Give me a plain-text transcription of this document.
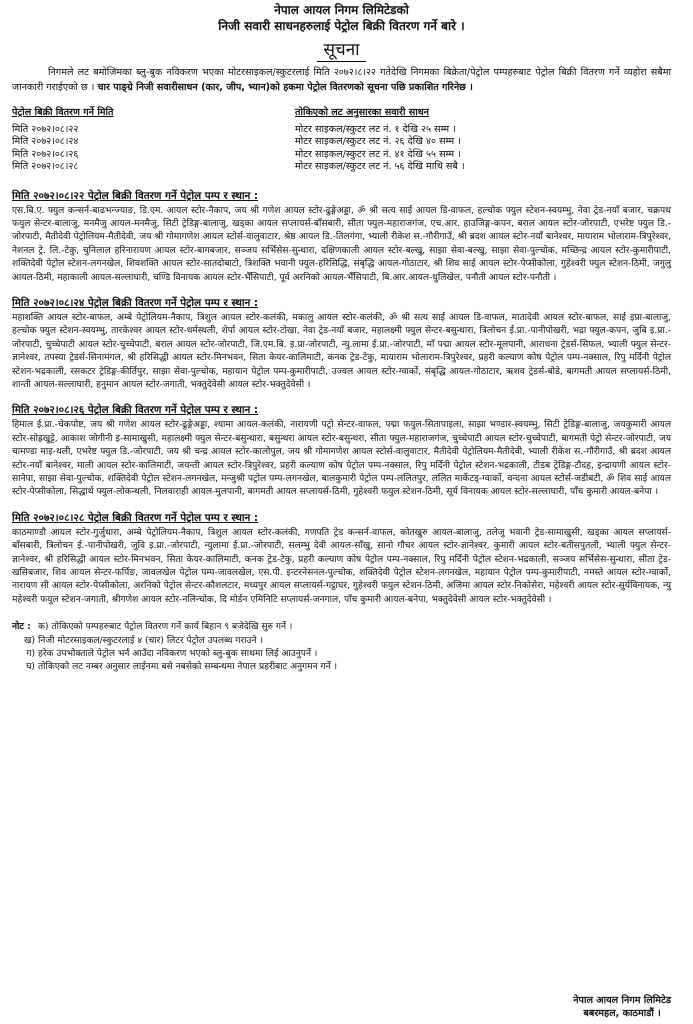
नेपाल आयल निगम लिमिटेडको
निजी सवारी साधनहरुलाई पेट्रोल बिक्री वितरण गर्ने बारे ।
सूचना

निगमले लट बमोजिमका ब्लु-बुक नविकरण भएका मोटरसाइकल/स्कुटरलाई मिति २०७२।८।२२ गतेदेखि निगमका बिक्रेता/पेट्रोल पम्पहरुबाट पेट्रोल बिक्री वितरण गर्ने व्यहोरा सबैमा जानकारी गराईएको छ । चार पाङ्ग्रे निजी सवारीसाधन (कार, जीप, भ्यान)को हकमा पेट्रोल वितरणको सूचना पछि प्रकाशित गरिनेछ ।

पेट्रोल बिक्री वितरण गर्ने मिति	तोकिएको लट अनुसारका सवारी साधन
मिति २०७२।०८।२२	मोटर साइकल/स्कुटर लट नं. १ देखि २५ सम्म ।
मिति २०७२।०८।२४	मोटर साइकल/स्कुटर लट नं. २६ देखि ४० सम्म ।
मिति २०७२।०८।२६	मोटर साइकल/स्कुटर लट नं. ४१ देखि ५५ सम्म ।
मिति २०७२।०८।२८	मोटर साइकल/स्कुटर लट नं. ५६ देखि माथि सबै ।
मिति २०७२।०८।२२ पेट्रोल बिक्री वितरण गर्ने पेट्रोल पम्प र स्थान :

एस.बि.ए. फ्युल कन्सर्न-बाढभन्ज्याङ, डि.एम. आयल स्टोर-नैकाप, जय श्री गणेश आयल स्टोर-ढुङ्गेअड्डा, ॐ श्री सत्य साई आयल डि-वाफल, हल्चोक फ्युल स्टेशन-स्वयम्भु, नेवा ट्रेड-नयाँ बजार, चक्रपथ फयुल सेन्टर-बालाजु, मनमैजु आयल-मनमैजु, सिटी ट्रेडिङ्ग-बालाजु, खड्का आयल सप्लायर्स-बाँसबारी, सीता फ्युल-महाराजगंज, एच.आर. हाउजिङ्ग-कपन, बराल आयल स्टोर-जोरपाटी, एभरेष्ट फ्युल डि.-जोरपाटी, मैतीदेवी पेट्रोलियम-मैतीदेवी, जय श्री गोमागणेश आयल स्टोर्स-वालुवाटार, श्रेष्ठ आयल डि.-तिलगंगा, भ्याली रीकेश स.-गौरीगाउँ, श्री ब्रदश आयल स्टोर-नयाँ बानेश्वर, मायाराम भोलाराम-त्रिपुरेश्वर, नेशनल ट्रे. लि.-टेकु, चुनिलाल हरिनारायण आयल स्टोर-बागबजार, सञ्जय सर्भिसेस-सुन्धारा, दक्षिणकाली आयल स्टोर-बल्खु, साझा सेवा-बल्खु, साझा सेवा-पुल्चोक, मच्छिन्द्र आयल स्टोर-कुमारीपाटी, शक्तिदेवी पेट्रोल स्टेशन-लगनखेल, शिवशक्ति आयल स्टोर-सातदोबाटो, त्रिशक्ति भवानी फ्युल-हरिसिद्धि, संबृद्धि आयल-गोठाटार, श्री शिव साई आयल स्टोर-पेप्सीकोला, गुहेश्वरी फ्युल स्टेशन-ठिमी, जगुलु आयल-ठिमी, महाकाली आयल-सल्लाघारी, चण्डि विनायक आयल स्टोर-भैँसिपाटी, पूर्व अरनिको आयल-भैँसिपाटी, बि.आर.आयल-धुलिखेल, पनौती आयल स्टोर-पनौती ।

मिति २०७२।०८।२४ पेट्रोल बिक्री वितरण गर्ने पेट्रोल पम्प र स्थान :

महाशक्ति आयल स्टोर-बाफल, अम्बे पेट्रोलियम-नैकाप, त्रिशुल आयल स्टोर-कलंकी, मकालु आयल स्टोर-कलंकी, ॐ श्री सत्य साई आयल डि-वाफल, मातादेवी आयल स्टोर-बाफल, साई इप्रा-बालाजु, हल्चोक फ्युल स्टेशन-स्वयम्भु, तारकेश्वर आयल स्टोर-धर्मस्थली, शेर्पा आयल स्टोर-टोखा, नेवा ट्रेड-नयाँ बजार, महालक्ष्मी फ्युल सेन्टर-बसुन्धारा, त्रिलोचन ई.प्रा.-पानीपोखरी, भद्रा फ्युल-कपन, जुबि इ.प्रा.-जोरपाटी, चुच्चेपाटी आयल स्टोर-चुच्चेपाटी, बराल आयल स्टोर-जोरपाटी, जि.एम.बि. इ.प्रा-जोरपाटी, न्यु.लामा ई.प्रा.-जोरपाटी, माँ पद्मा आयल स्टोर-मूलपानी, आराधना ट्रेडर्स-सिफल, भ्याली फ्युल सेन्टर-ज्ञानेश्वर, तपस्या ट्रेडर्स-सिनामंगल, श्री हरिसिद्धी आयल स्टोर-मिनभवन, सिता केयर-कालिमाटी, कनक ट्रेड-टेकु, मायाराम भोलाराम-त्रिपुरेश्वर, प्रहरी कल्याण कोष पेट्रोल पम्प-नक्साल, रिपु मर्दिनी पेट्रोल स्टेशन-भद्रकाली, रसकटर ट्रेडिङ्ग-कीर्तिपुर, साझा सेवा-पुल्चोक, महायान पेट्रोल पम्प-कुमारीपाटी, उज्वल आयल स्टोर-ग्वार्को, संबृद्धि आयल-गोठाटार, ऋशव ट्रेडर्स-बोडे, बागमती आयल सप्लायर्स-ठिमी, शान्ती आयल-सल्लाघारी, हनुमान आयल स्टोर-जगाती, भक्तुदेवेसी आयल स्टोर-भक्तुदेवेसी ।

मिति २०७२।०८।२६ पेट्रोल बिक्री वितरण गर्ने पेट्रोल पम्प र स्थान :

हिमाल ई.प्रा.-चेकपोष्ट, जय श्री गणेश आयल स्टोर-ढुङ्गेअड्डा, श्यामा आयल-कलंकी, नारायणी पट्रो सेन्टर-वाफल, पद्मा फयुल-सितापाइला, साझा भण्डार-स्वयम्भु, सिटी ट्रेडिङ्ग-बालाजु, जयकुमारी आयल स्टोर-सोह्रखुट्टे, आकाश जोगीनी इ-सामाखुसी, महालक्ष्मी फ्युल सेन्टर-बसुन्धारा, बसुन्धरा आयल स्टोर-बसुन्धरा, सीता फ्युल-महाराजगंज, चुच्चेपाटी आयल स्टोर-चुच्चेपाटी, बागमती पेट्रो सेन्टर-जोरपाटी, जय चामण्डा माइ-थली, एभरेष्ट फ्युल डि.-जोरपाटी, जय श्री चन्द्र आयल स्टोर-कालोपुल, जय श्री गोमागणेश आयल स्टोर्स-वालुवाटार, मैतीदेवी पेट्रोलियम-मैतीदेवी, भ्याली रीकेश स.-गौरीगाउँ, श्री ब्रदश आयल स्टोर-नयाँ बानेश्वर, माली आयल स्टोर-कालिमाटी, जयन्ती आयल स्टोर-त्रिपुरेश्वर, प्रहरी कल्याण कोष पेट्रोल पम्प-नक्साल, रिपु मर्दिनी पेट्रोल स्टेशन-भद्रकाली, टीडब ट्रेडिङ्ग-टौदह, इन्द्रायणी आयल स्टोर-सानेपा, साझा सेवा-पुल्चोक, शक्तिदेवी पेट्रोल स्टेशन-लगनखेल, मन्जुश्री पट्रोल पम्प-लगनखेल, बालकुमारी पेट्रोल पम्प-ललितपुर, ललित मार्केटड्-ग्वार्को, वन्दना आयल स्टोर्स-जडीबटी, ॐ शिव साई आयल स्टोर-पेप्सीकोला, सिद्धार्थ फ्युल-लोकन्थली, निलवाराही आयल-मुलपानी, बागमती आयल सप्लायर्स-ठिमी, गुहेश्वरी फयुल स्टेशन-ठिमी, सूर्य विनायक आयल स्टोर-सल्लाघारी, पाँच कुमारी आयल-बनेपा ।

मिति २०७२।०८।२८ पेट्रोल बिक्री वितरण गर्ने पेट्रोल पम्प र स्थान :

काठमाण्डौ आयल स्टोर-गुर्जुधारा, अम्बे पेट्रोलियम-नैकाप, त्रिशुल आयल स्टोर-कलंकी, गणपति ट्रेड कन्सर्न-वाफल, कोतखुरु आयल-बालाजु, तलेजु भवानी ट्रेड-सामाखुसी, खड्का आयल सप्लायर्स-बाँसबारी, त्रिलोचन ई.-पानीपोखरी, जुवि इ.प्रा.-जोरपाटी, न्युलामा ई.प्रा.-जोरपाटी, सलम्भु देवी आयल-साँखु, सानो गौचर आयल स्टोर-ज्ञानेश्वर, कुमारी आयल स्टोर-बतीसपुतली, भ्याली फ्युल सेन्टर-ज्ञानेश्वर, श्री हरिसिद्धी आयल स्टोर-मिनभवन, सिता केयर-कालिमाटी, कनक ट्रेड-टेकु, प्रहरी कल्याण कोष पेट्रोल पम्प-नक्साल, रिपु मर्दिनी पेट्रोल स्टेशन-भद्रकाली, सञ्जय सर्भिसेस-सुन्धारा, सीता ट्रेड-खसिबजार, शिव आयल सेन्टर-फर्पिङ, जावलखेल पेट्रोल पम्प-जावलखेल, एस.पी. इन्टरनेसनल-पुल्चोक, शक्तिदेवी पेट्रोल स्टेशन-लगनखेल, महायान पेट्रोल पम्प-कुमारीपाटी, नमस्ते आयल स्टोर-ग्वार्को, नारायण सी आयल स्टोर-पेप्सीकोला, अरनिको पेट्रोल सेन्टर-कौशलटार, मध्यपुर आयल सप्लायर्स-गट्ठाघर, गुहेश्वरी फयुल स्टेशन-ठिमी, अजिमा आयल स्टोर-निकोसेरा, महेश्वरी आयल स्टोर-सुर्यविनायक, न्यु महेश्वरी फयुल स्टेशन-जगाती, श्रीगणेश आयल स्टोर-नलिन्चोक, दि मोर्डन एमिनिटि सप्लायर्स-जनगाल, पाँच कुमारी आयल-बनेपा, भक्तुदेवेसी आयल स्टोर-भक्तुदेवेसी ।

नोट : क)
तोकिएको पम्पहरुबाट पेट्रोल वितरण गर्ने कार्य बिहान ९ बजेदेखि सुरु गर्ने ।
ख) निजी मोटरसाइकल/स्कुटरलाई ४ (चार) लिटर पेट्रोल उपलब्ध गराउने ।
ग) हरेक उपभोक्ताले पेट्रोल भर्न आउँदा नविकरण भएको ब्लु-बुक साथमा लिई आउनुपर्ने ।
घ) तोकिएको लट नम्बर अनुसार लाईनमा बसे नबसेको सम्बन्धमा नेपाल प्रहरीबाट अनुगमन गर्ने ।
नेपाल आयल निगम लिमिटेड
बबरमहल, काठमाडौं ।
